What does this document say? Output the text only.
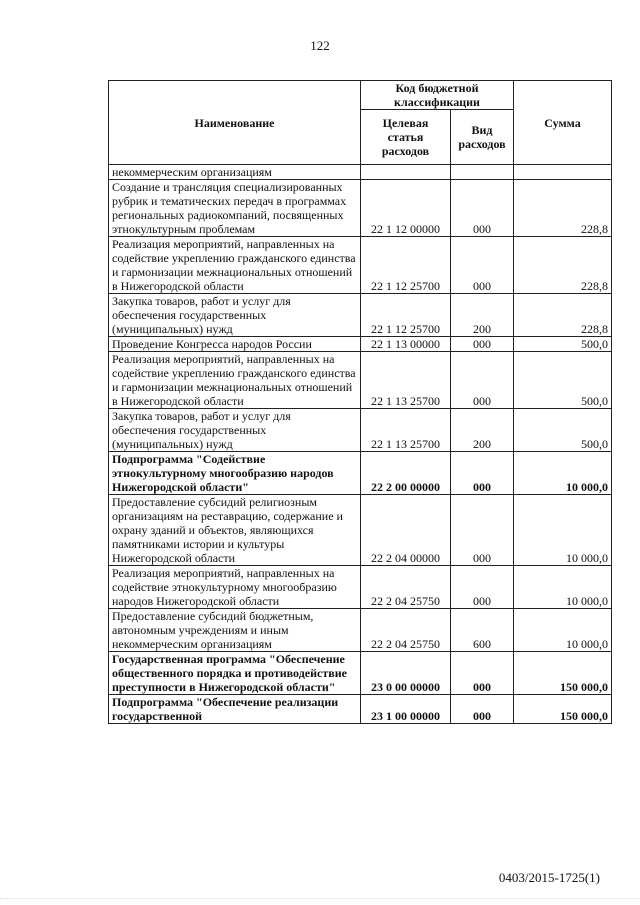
122
Наименование	Код бюджетной классификации		Сумма
	Целевая статья расходов	Вид расходов	
некоммерческим организациям			
Создание и трансляция специализированных рубрик и тематических передач в программах региональных радиокомпаний, посвященных этнокультурным проблемам	22 1 12 00000	000	228,8
Реализация мероприятий, направленных на содействие укреплению гражданского единства и гармонизации межнациональных отношений в Нижегородской области	22 1 12 25700	000	228,8
Закупка товаров, работ и услуг для обеспечения государственных (муниципальных) нужд	22 1 12 25700	200	228,8
Проведение Конгресса народов России	22 1 13 00000	000	500,0
Реализация мероприятий, направленных на содействие укреплению гражданского единства и гармонизации межнациональных отношений в Нижегородской области	22 1 13 25700	000	500,0
Закупка товаров, работ и услуг для обеспечения государственных (муниципальных) нужд	22 1 13 25700	200	500,0
Подпрограмма "Содействие этнокультурному многообразию народов Нижегородской области"	22 2 00 00000	000	10 000,0
Предоставление субсидий религиозным организациям на реставрацию, содержание и охрану зданий и объектов, являющихся памятниками истории и культуры Нижегородской области	22 2 04 00000	000	10 000,0
Реализация мероприятий, направленных на содействие этнокультурному многообразию народов Нижегородской области	22 2 04 25750	000	10 000,0
Предоставление субсидий бюджетным, автономным учреждениям и иным некоммерческим организациям	22 2 04 25750	600	10 000,0
Государственная программа "Обеспечение общественного порядка и противодействие преступности в Нижегородской области"	23 0 00 00000	000	150 000,0
Подпрограмма "Обеспечение реализации государственной	23 1 00 00000	000	150 000,0
0403/2015-1725(1)
